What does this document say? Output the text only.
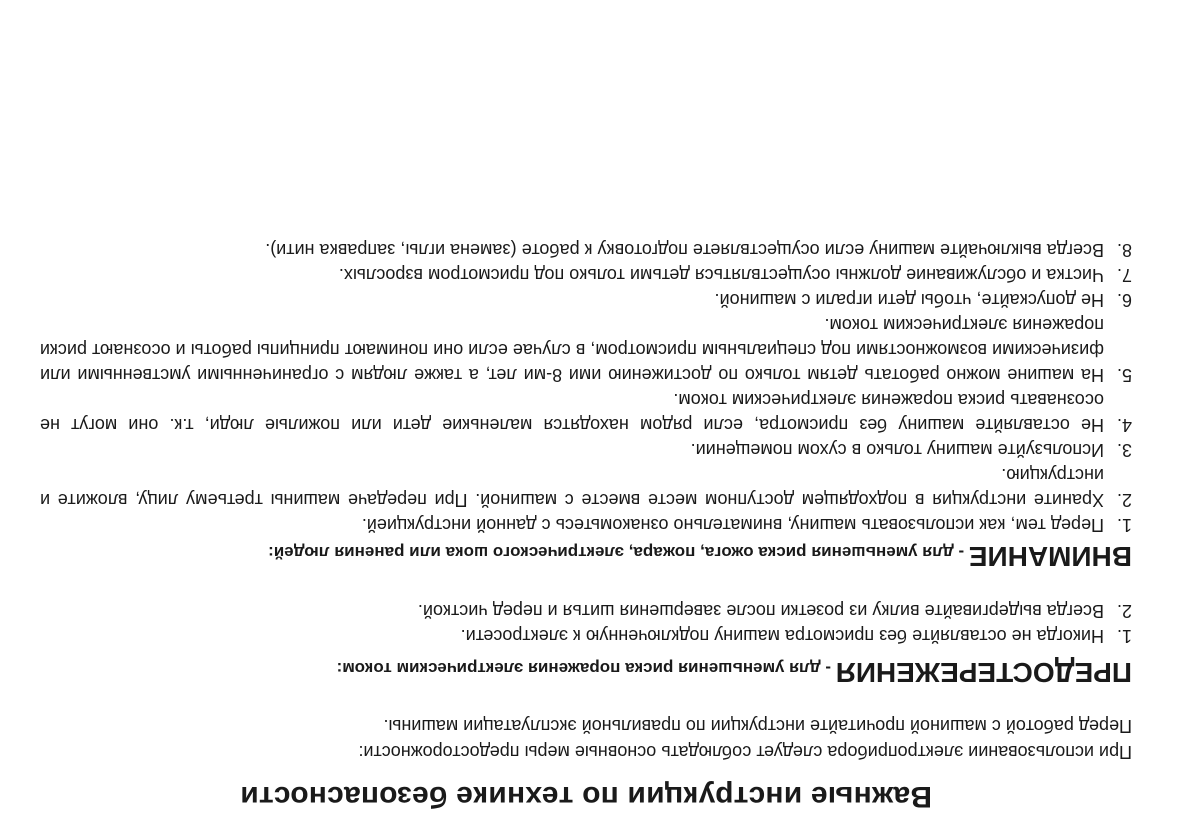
Важные инструкции по технике безопасности

При использовании электроприбора следует соблюдать основные меры предосторожности:

Перед работой с машиной прочитайте инструкции по правильной эксплуатации машины.

ПРЕДОСТЕРЕЖЕНИЯ - для уменьшения риска поражения электрическим током:
1.
Никогда не оставляйте без присмотра машину подключенную к электросети.
2.
Всегда выдергивайте вилку из розетки после завершения шитья и перед чисткой.
ВНИМАНИЕ - для уменьшения риска ожога, пожара, электрического шока или ранения людей:
1.
Перед тем, как использовать машину, внимательно ознакомьтесь с данной инструкцией.
2.
Храните инструкция в подходящем доступном месте вместе с машиной. При передаче машины третьему лицу, вложите и инструкцию.
3.
Используйте машину только в сухом помещении.
4.
Не оставляйте машину без присмотра, если рядом находятся маленькие дети или пожилые люди, т.к. они могут не осознавать риска поражения электрическим током.
5.
На машине можно работать детям только по достижению ими 8-ми лет, а также людям с ограниченными умственными или физическими возможностями под специальным присмотром, в случае если они понимают принципы работы и осознают риски поражения электрическим током.
6.
Не допускайте, чтобы дети играли с машиной.
7.
Чистка и обслуживание должны осуществляться детьми только под присмотром взрослых.
8.
Всегда выключайте машину если осуществляете подготовку к работе (замена иглы, заправка нити).
